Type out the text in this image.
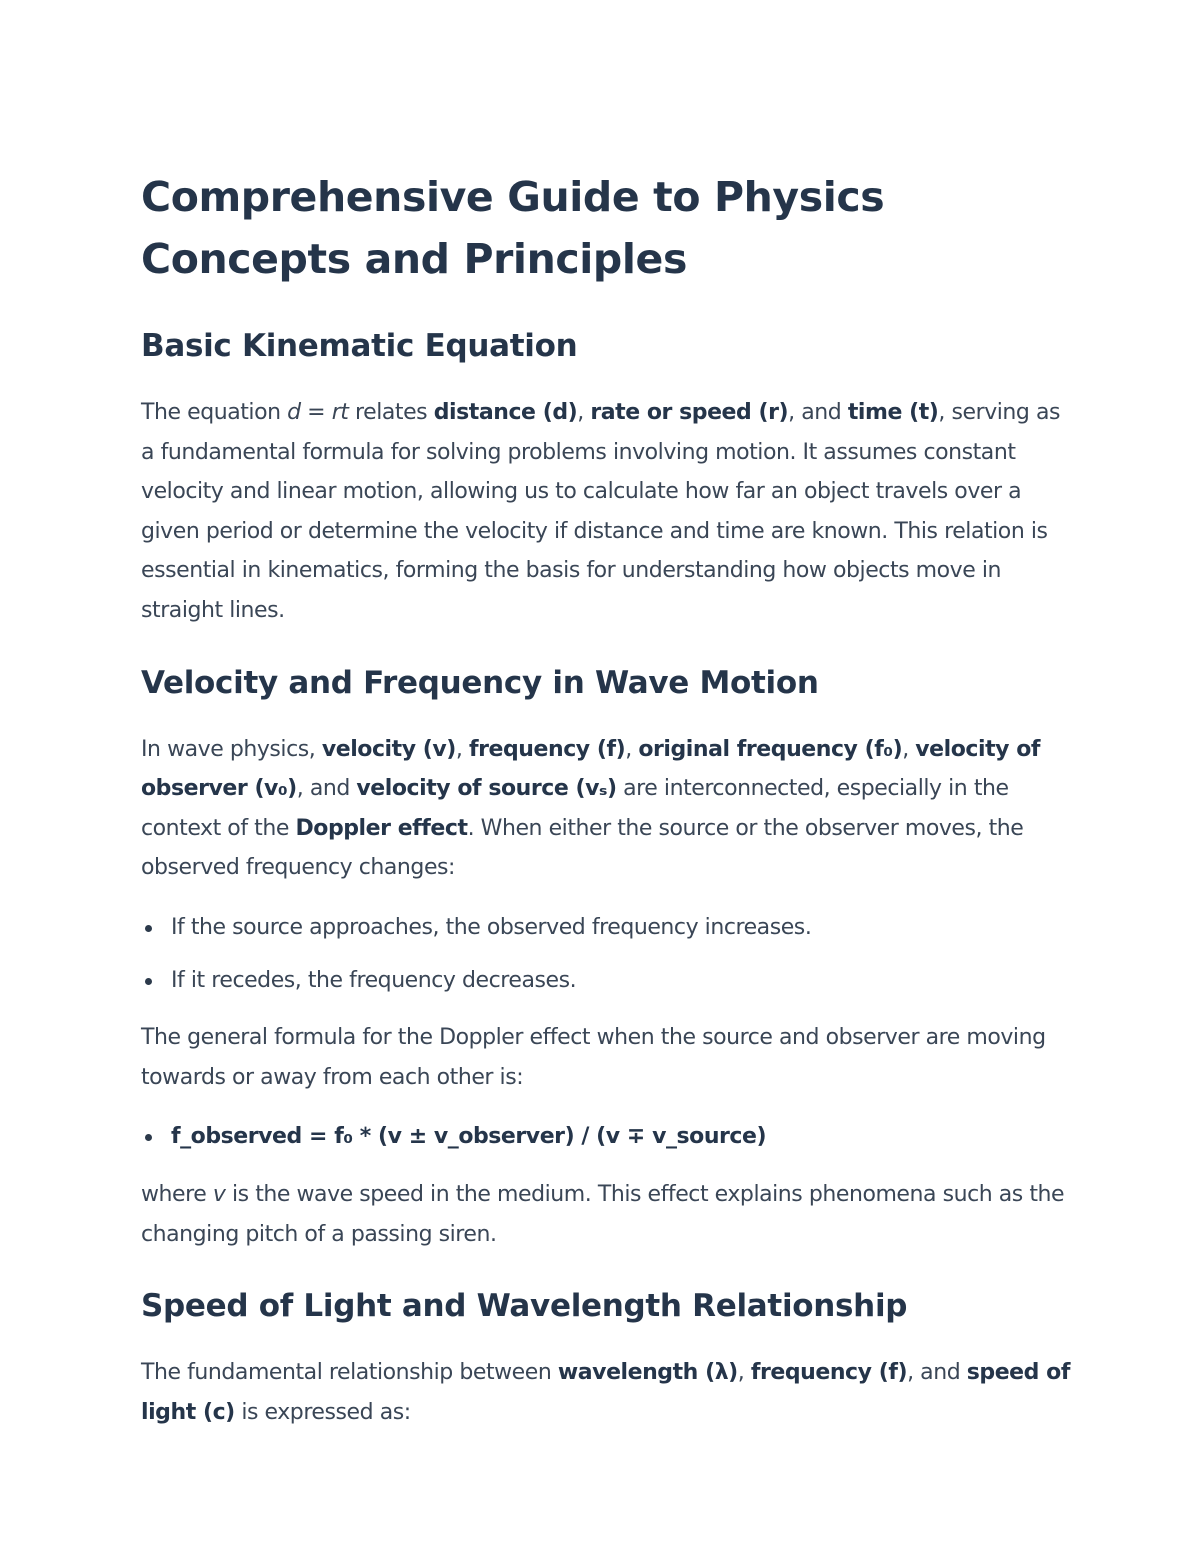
Comprehensive Guide to Physics Concepts and Principles
Basic Kinematic Equation

The equation d = rt relates distance (d), rate or speed (r), and time (t), serving as a fundamental formula for solving problems involving motion. It assumes constant velocity and linear motion, allowing us to calculate how far an object travels over a given period or determine the velocity if distance and time are known. This relation is essential in kinematics, forming the basis for understanding how objects move in straight lines.

Velocity and Frequency in Wave Motion

In wave physics, velocity (v), frequency (f), original frequency (f₀), velocity of observer (v₀), and velocity of source (vₛ) are interconnected, especially in the context of the Doppler effect. When either the source or the observer moves, the observed frequency changes:

If the source approaches, the observed frequency increases.
If it recedes, the frequency decreases.

The general formula for the Doppler effect when the source and observer are moving towards or away from each other is:

f_observed = f₀ * (v ± v_observer) / (v ∓ v_source)

where v is the wave speed in the medium. This effect explains phenomena such as the changing pitch of a passing siren.

Speed of Light and Wavelength Relationship

The fundamental relationship between wavelength (λ), frequency (f), and speed of light (c) is expressed as:
